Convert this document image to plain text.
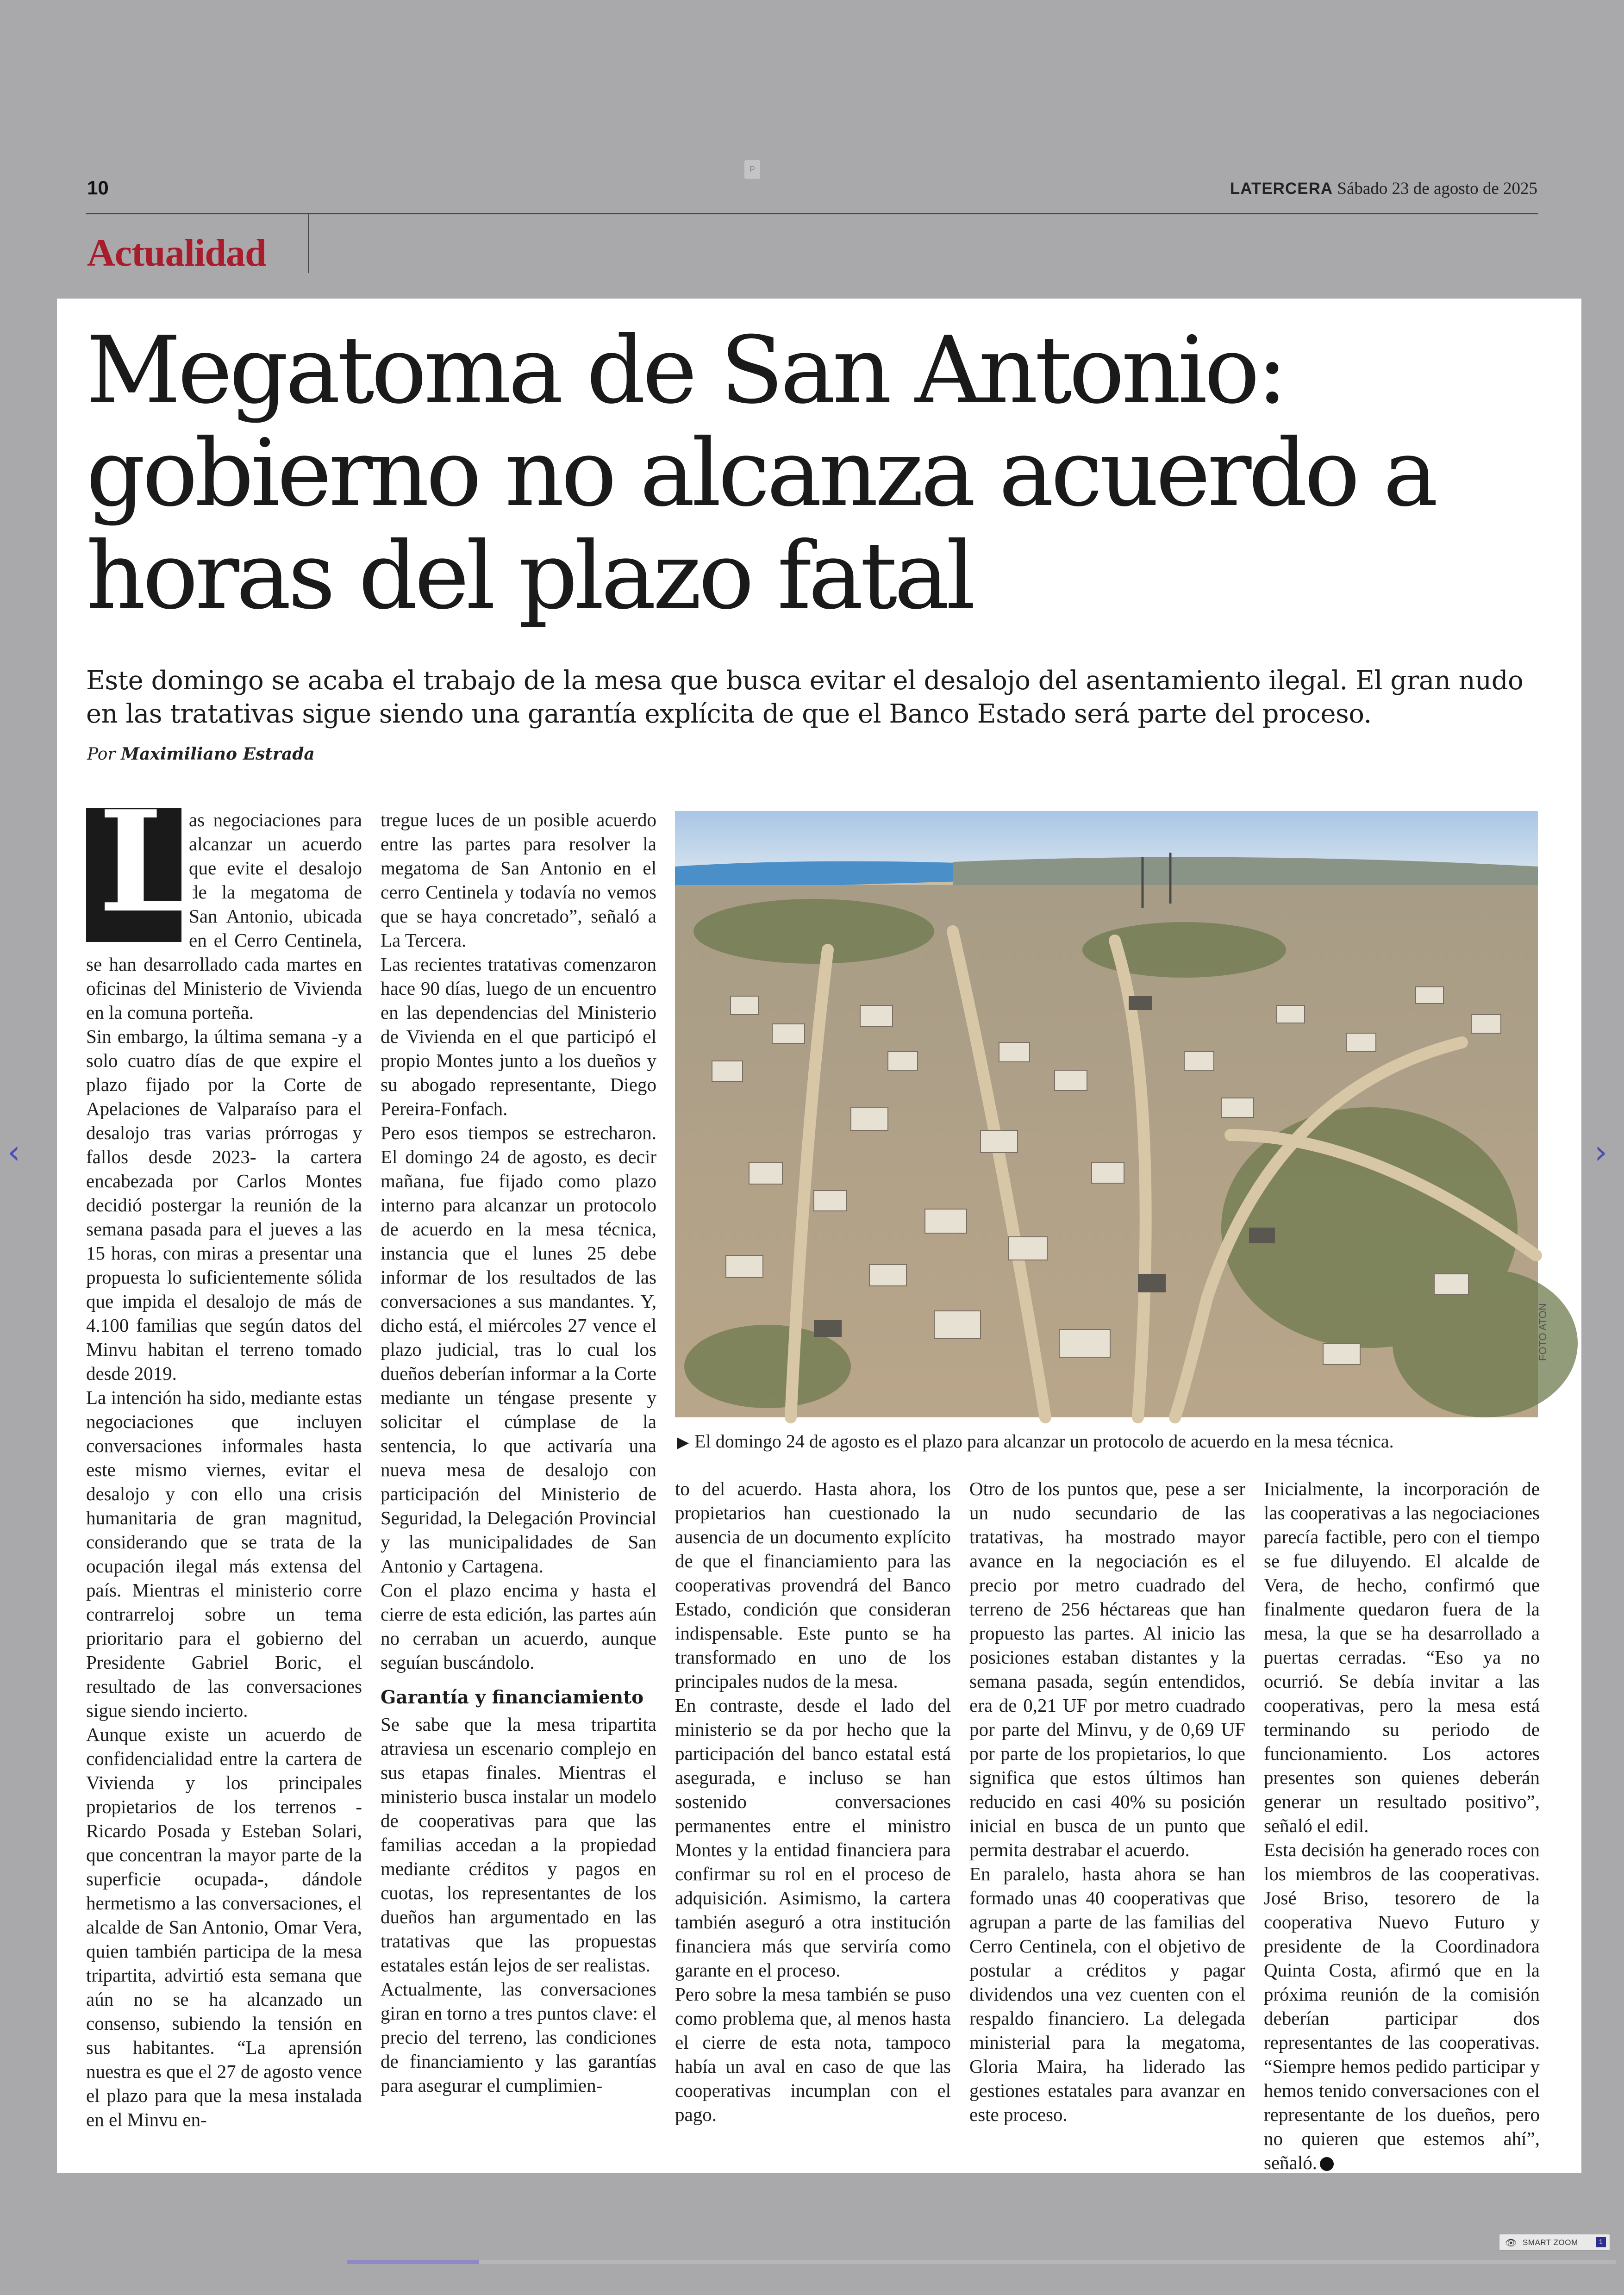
10
P
LATERCERA Sábado 23 de agosto de 2025
Actualidad
Megatoma de San Antonio:
gobierno no alcanza acuerdo a
horas del plazo fatal
Este domingo se acaba el trabajo de la mesa que busca evitar el desalojo del asentamiento ilegal. El gran nudo en las tratativas sigue siendo una garantía explícita de que el Banco Estado será parte del proceso.
Por Maximiliano Estrada

L
as negociaciones para alcanzar un acuerdo que evite el desalojo de la megatoma de San Antonio, ubicada en el Cerro Centinela, se han desarrollado cada martes en oficinas del Ministerio de Vivienda en la comuna porteña.

Sin embargo, la última semana -y a solo cuatro días de que expire el plazo fijado por la Corte de Apelaciones de Valparaíso para el desalojo tras varias prórrogas y fallos desde 2023- la cartera encabezada por Carlos Montes decidió postergar la reunión de la semana pasada para el jueves a las 15 horas, con miras a presentar una propuesta lo suficientemente sólida que impida el desalojo de más de 4.100 familias que según datos del Minvu habitan el terreno tomado desde 2019.

La intención ha sido, mediante estas negociaciones que incluyen conversaciones informales hasta este mismo viernes, evitar el desalojo y con ello una crisis humanitaria de gran magnitud, considerando que se trata de la ocupación ilegal más extensa del país. Mientras el ministerio corre contrarreloj sobre un tema prioritario para el gobierno del Presidente Gabriel Boric, el resultado de las conversaciones sigue siendo incierto.

Aunque existe un acuerdo de confidencialidad entre la cartera de Vivienda y los principales propietarios de los terrenos -Ricardo Posada y Esteban Solari, que concentran la mayor parte de la superficie ocupada-, dándole hermetismo a las conversaciones, el alcalde de San Antonio, Omar Vera, quien también participa de la mesa tripartita, advirtió esta semana que aún no se ha alcanzado un consenso, subiendo la tensión en sus habitantes. “La aprensión nuestra es que el 27 de agosto vence el plazo para que la mesa instalada en el Minvu en-

tregue luces de un posible acuerdo entre las partes para resolver la megatoma de San Antonio en el cerro Centinela y todavía no vemos que se haya concretado”, señaló a La Tercera.

Las recientes tratativas comenzaron hace 90 días, luego de un encuentro en las dependencias del Ministerio de Vivienda en el que participó el propio Montes junto a los dueños y su abogado representante, Diego Pereira-Fonfach.

Pero esos tiempos se estrecharon. El domingo 24 de agosto, es decir mañana, fue fijado como plazo interno para alcanzar un protocolo de acuerdo en la mesa técnica, instancia que el lunes 25 debe informar de los resultados de las conversaciones a sus mandantes. Y, dicho está, el miércoles 27 vence el plazo judicial, tras lo cual los dueños deberían informar a la Corte mediante un téngase presente y solicitar el cúmplase de la sentencia, lo que activaría una nueva mesa de desalojo con participación del Ministerio de Seguridad, la Delegación Provincial y las municipalidades de San Antonio y Cartagena.

Con el plazo encima y hasta el cierre de esta edición, las partes aún no cerraban un acuerdo, aunque seguían buscándolo.

Garantía y financiamiento

Se sabe que la mesa tripartita atraviesa un escenario complejo en sus etapas finales. Mientras el ministerio busca instalar un modelo de cooperativas para que las familias accedan a la propiedad mediante créditos y pagos en cuotas, los representantes de los dueños han argumentado en las tratativas que las propuestas estatales están lejos de ser realistas.

Actualmente, las conversaciones giran en torno a tres puntos clave: el precio del terreno, las condiciones de financiamiento y las garantías para asegurar el cumplimien-

FOTO ATON
▶ El domingo 24 de agosto es el plazo para alcanzar un protocolo de acuerdo en la mesa técnica.

to del acuerdo. Hasta ahora, los propietarios han cuestionado la ausencia de un documento explícito de que el financiamiento para las cooperativas provendrá del Banco Estado, condición que consideran indispensable. Este punto se ha transformado en uno de los principales nudos de la mesa.

En contraste, desde el lado del ministerio se da por hecho que la participación del banco estatal está asegurada, e incluso se han sostenido conversaciones permanentes entre el ministro Montes y la entidad financiera para confirmar su rol en el proceso de adquisición. Asimismo, la cartera también aseguró a otra institución financiera más que serviría como garante en el proceso.

Pero sobre la mesa también se puso como problema que, al menos hasta el cierre de esta nota, tampoco había un aval en caso de que las cooperativas incumplan con el pago.

Otro de los puntos que, pese a ser un nudo secundario de las tratativas, ha mostrado mayor avance en la negociación es el precio por metro cuadrado del terreno de 256 héctareas que han propuesto las partes. Al inicio las posiciones estaban distantes y la semana pasada, según entendidos, era de 0,21 UF por metro cuadrado por parte del Minvu, y de 0,69 UF por parte de los propietarios, lo que significa que estos últimos han reducido en casi 40% su posición inicial en busca de un punto que permita destrabar el acuerdo.

En paralelo, hasta ahora se han formado unas 40 cooperativas que agrupan a parte de las familias del Cerro Centinela, con el objetivo de postular a créditos y pagar dividendos una vez cuenten con el respaldo financiero. La delegada ministerial para la megatoma, Gloria Maira, ha liderado las gestiones estatales para avanzar en este proceso.

Inicialmente, la incorporación de las cooperativas a las negociaciones parecía factible, pero con el tiempo se fue diluyendo. El alcalde de Vera, de hecho, confirmó que finalmente quedaron fuera de la mesa, la que se ha desarrollado a puertas cerradas. “Eso ya no ocurrió. Se debía invitar a las cooperativas, pero la mesa está terminando su periodo de funcionamiento. Los actores presentes son quienes deberán generar un resultado positivo”, señaló el edil.

Esta decisión ha generado roces con los miembros de las cooperativas. José Briso, tesorero de la cooperativa Nuevo Futuro y presidente de la Coordinadora Quinta Costa, afirmó que en la próxima reunión de la comisión deberían participar dos representantes de las cooperativas. “Siempre hemos pedido participar y hemos tenido conversaciones con el representante de los dueños, pero no quieren que estemos ahí”, señaló.

‹	›
👁 SMART ZOOM	1
